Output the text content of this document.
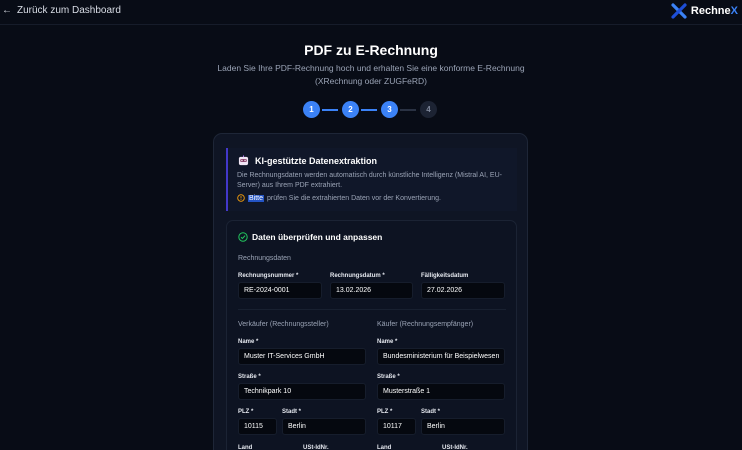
← Zurück zum Dashboard	RechneX
PDF zu E-Rechnung
Laden Sie Ihre PDF-Rechnung hoch und erhalten Sie eine konforme E-Rechnung (XRechnung oder ZUGFeRD)
1	2	3	4
KI-gestützte Datenextraktion
Die Rechnungsdaten werden automatisch durch künstliche Intelligenz (Mistral AI, EU-Server) aus Ihrem PDF extrahiert.
Bitte prüfen Sie die extrahierten Daten vor der Konvertierung.
Daten überprüfen und anpassen
Rechnungsdaten
Rechnungsnummer *
RE-2024-0001
Rechnungsdatum *
13.02.2026
Fälligkeitsdatum
27.02.2026
Verkäufer (Rechnungssteller)	Käufer (Rechnungsempfänger)
Name *
Muster IT-Services GmbH
Name *
Bundesministerium für Beispielwesen
Straße *
Technikpark 10
Straße *
Musterstraße 1
PLZ *
10115
Stadt *
Berlin
PLZ *
10117
Stadt *
Berlin
Land	USt-IdNr.	Land	USt-IdNr.
